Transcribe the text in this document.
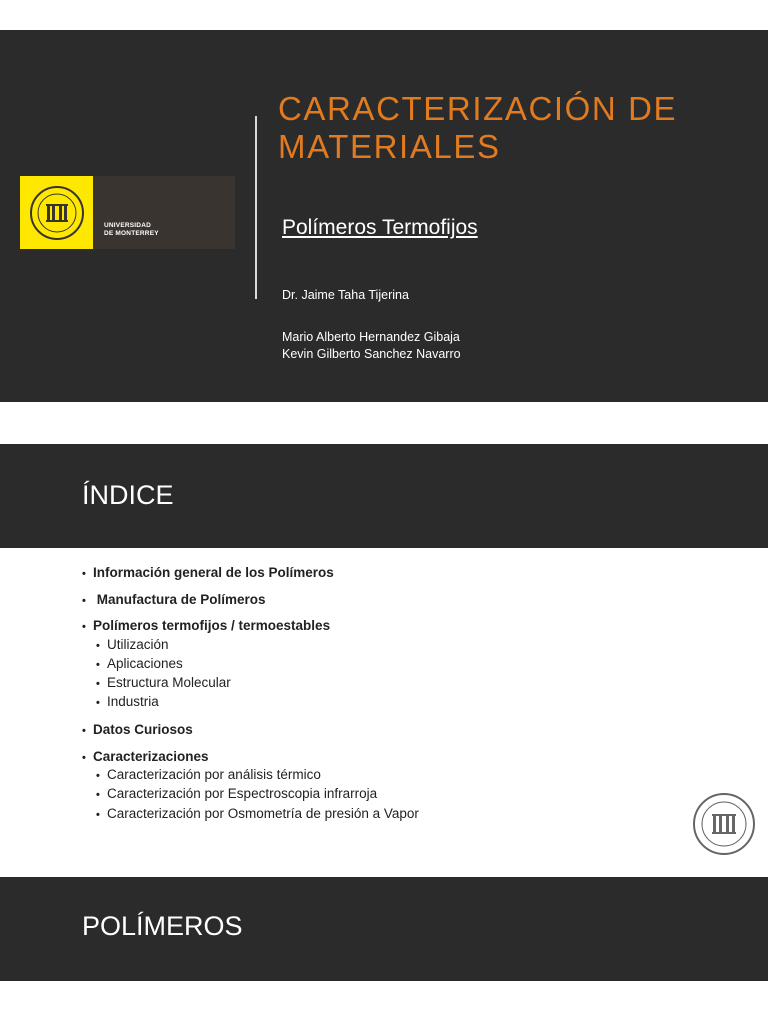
UNIVERSIDAD
DE MONTERREY
CARACTERIZACIÓN DE MATERIALES
Polímeros Termofijos
Dr. Jaime Taha Tijerina
Mario Alberto Hernandez Gibaja
Kevin Gilberto Sanchez Navarro
ÍNDICE
• Información general de los Polímeros
• Manufactura de Polímeros
• Polímeros termofijos / termoestables
• Utilización
• Aplicaciones
• Estructura Molecular
• Industria
• Datos Curiosos
• Caracterizaciones
• Caracterización por análisis térmico
• Caracterización por Espectroscopia infrarroja
• Caracterización por Osmometría de presión a Vapor
POLÍMEROS
